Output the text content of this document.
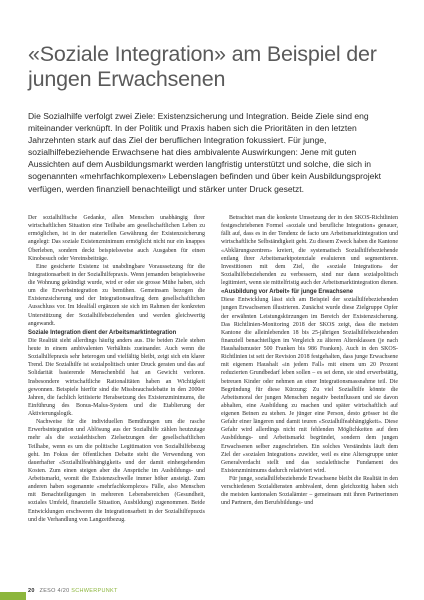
«Soziale Integration» am Beispiel der jungen Erwachsenen

Die Sozialhilfe verfolgt zwei Ziele: Existenzsicherung und Integration. Beide Ziele sind eng miteinander verknüpft. In der Politik und Praxis haben sich die Prioritäten in den letzten Jahrzehnten stark auf das Ziel der beruflichen Integration fokussiert. Für junge, sozialhilfebeziehende Erwachsene hat dies ambivalente Auswirkungen: Jene mit guten Aussichten auf dem Ausbildungsmarkt werden langfristig unterstützt und solche, die sich in sogenannten «mehrfachkomplexen» Lebenslagen befinden und über kein Ausbildungsprojekt verfügen, werden finanziell benachteiligt und stärker unter Druck gesetzt.

Der sozialhilfische Gedanke, allen Menschen unabhängig ihrer wirtschaftlichen Situation eine Teilhabe am gesellschaftlichen Leben zu ermöglichen, ist in der materiellen Gewährung der Existenzsicherung angelegt: Das soziale Existenzminimum ermöglicht nicht nur ein knappes Überleben, sondern deckt beispielsweise auch Ausgaben für einen Kinobesuch oder Vereinsbeiträge.

Eine gesicherte Existenz ist unabdingbare Voraussetzung für die Integrationsarbeit in der Sozialhilfepraxis. Wenn jemanden beispielsweise die Wohnung gekündigt wurde, wird er oder sie grosse Mühe haben, sich um die Erwerbsintegration zu bemühen. Gemeinsam bezogen die Existenzsicherung und der Integrationsauftrag dem gesellschaftlichen Ausschluss vor. Im Idealfall ergänzen sie sich im Rahmen der konkreten Unterstützung der Sozialhilfebeziehenden und werden gleichwertig angewandt.

Soziale Integration dient der Arbeitsmarktintegration

Die Realität sieht allerdings häufig anders aus. Die beiden Ziele stehen heute in einem ambivalenten Verhältnis zueinander. Auch wenn die Sozialhilfepraxis sehr heterogen und vielfältig bleibt, zeigt sich ein klarer Trend. Die Sozialhilfe ist sozialpolitisch unter Druck geraten und das auf Solidarität basierende Menschenbild hat an Gewicht verloren. Insbesondere wirtschaftliche Rationalitäten haben an Wichtigkeit gewonnen. Beispiele hierfür sind die Missbrauchsdebatte in den 2000er Jahren, die fachlich kritisierte Herabsetzung des Existenzminimums, die Einführung des Bonus-Malus-System und die Etablierung der Aktivierungslogik.

Nachweise für die individuellen Bemühungen um die rasche Erwerbsintegration und Ablösung aus der Sozialhilfe zählen heutzutage mehr als die sozialethischen Zielsetzungen der gesellschaftlichen Teilhabe, wenn es um die politische Legitimation von Sozialhilfebezug geht. Im Fokus der öffentlichen Debatte steht die Verwendung von dauerhafter «Sozialhilfeabhängigkeit» und der damit einhergehenden Kosten. Zum einen steigen aber die Ansprüche im Ausbildungs- und Arbeitsmarkt, womit die Existenzschwelle immer höher ansteigt. Zum anderen haben sogenannte «mehrfachkomplexe» Fälle, also Menschen mit Benachteiligungen in mehreren Lebensbereichen (Gesundheit, soziales Umfeld, finanzielle Situation, Ausbildung) zugenommen. Beide Entwicklungen erschweren die Integrationsarbeit in der Sozialhilfepraxis und die Verhandlung von Langzeitbezug.

Betrachtet man die konkrete Umsetzung der in den SKOS-Richtlinien festgeschriebenen Formel «soziale und berufliche Integration» genauer, fällt auf, dass es in der Tendenz de facto um Arbeitsmarktintegration und wirtschaftliche Selbständigkeit geht. Zu diesem Zweck haben die Kantone «Abklärungszentren» kreiert, die systematisch Sozialhilfebeziehende entlang ihrer Arbeitsmarktpotenziale evaluieren und segmentieren. Investitionen mit dem Ziel, die «soziale Integration» der Sozialhilfebeziehenden zu verbessern, sind nur dann sozialpolitisch legitimiert, wenn sie mittelfristig auch der Arbeitsmarktintegration dienen.

«Ausbildung vor Arbeit» für junge Erwachsene

Diese Entwicklung lässt sich am Beispiel der sozialhilfebeziehenden jungen Erwachsenen illustrieren. Zunächst wurde diese Zielgruppe Opfer der erwähnten Leistungskürzungen im Bereich der Existenzsicherung. Das Richtlinien-Monitoring 2018 der SKOS zeigt, dass die meisten Kantone die alleinlebenden 18 bis 25-jährigen Sozialhilfebeziehenden finanziell benachteiligen im Vergleich zu älteren Altersklassen (je nach Haushaltsmuster 500 Franken bis 986 Franken). Auch in den SKOS-Richtlinien ist seit der Revision 2018 festgehalten, dass junge Erwachsene mit eigenem Haushalt «in jedem Fall» mit einem um 20 Prozent reduzierten Grundbedarf leben sollen – es sei denn, sie sind erwerbstätig, betreuen Kinder oder nehmen an einer Integrationsmassnahme teil. Die Begründung für diese Kürzung: Zu viel Sozialhilfe könnte die Arbeitsmoral der jungen Menschen negativ beeinflussen und sie davon abhalten, eine Ausbildung zu machen und später wirtschaftlich auf eigenen Beinen zu stehen. Je jünger eine Person, desto grösser ist die Gefahr einer längeren und damit teuren «Sozialhilfeabhängigkeit». Diese Gefahr wird allerdings nicht mit fehlenden Möglichkeiten auf dem Ausbildungs- und Arbeitsmarkt begründet, sondern dem jungen Erwachsenen selber zugeschrieben. Ein solches Verständnis läuft dem Ziel der «sozialen Integration» zuwider, weil es eine Altersgruppe unter Generalverdacht stellt und das sozialethische Fundament des Existenzminimums dadurch relativiert wird.

Für junge, sozialhilfebeziehende Erwachsene bleibt die Realität in den verschiedenen Sozialdiensten ambivalent, denn gleichzeitig haben sich die meisten kantonalen Sozialämter – gemeinsam mit ihren Partnerinnen und Partnern, den Berufsbildungs- und

20 ZESO 4/20 SCHWERPUNKT
